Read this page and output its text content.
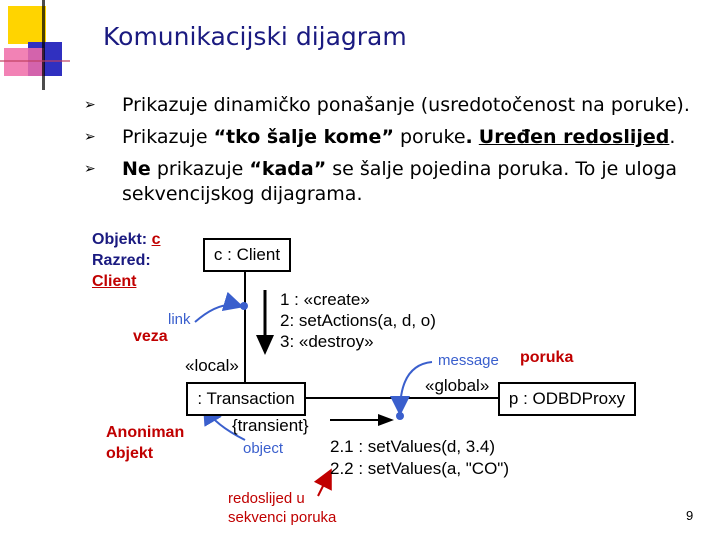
Komunikacijski dijagram
➢ Prikazuje dinamičko ponašanje (usredotočenost na poruke).
➢ Prikazuje “tko šalje kome” poruke. Uređen redoslijed.
➢ Ne prikazuje “kada” se šalje pojedina poruka. To je uloga
sekvencijskog dijagrama.
c : Client
: Transaction	p : ODBDProxy
1 : «create»
2: setActions(a, d, o)
3: «destroy»
2.1 : setValues(d, 3.4)
2.2 : setValues(a, "CO")
«local»
«global»
{transient}
link
veza
message poruka
object
Objekt: c
Razred:
Client
Anoniman
objekt
redoslijed u
sekvenci poruka	9
